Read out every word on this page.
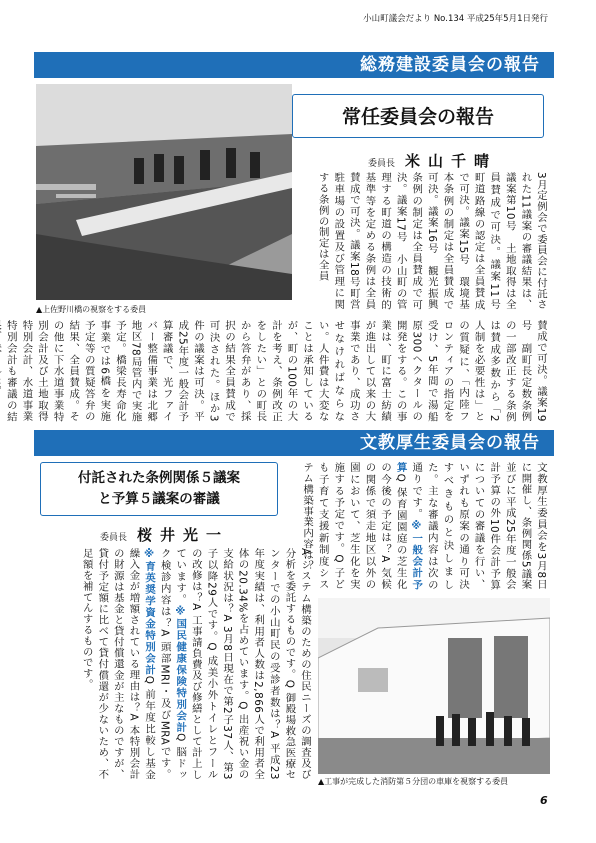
小山町議会だより No.134 平成25年5月1日発行
総務建設委員会の報告
▲ 上佐野川橋の視察をする委員
常任委員会の報告
委員長 米山千晴
3月定例会で委員会に付託された11議案の審議結果は、議案第10号　土地取得は全員賛成で可決。議案11号　町道路線の認定は全員賛成で可決。議案15号　環境基本条例の制定は全員賛成で可決。議案16号　観光振興条例の制定は全員賛成で可決。議案17号　小山町の管理する町道の構造の技術的基準等を定める条例は全員賛成で可決。議案18号町営駐車場の設置及び管理に関する条例の制定は全員
賛成で可決。議案19号　副町長定数条例の一部改正する条例は賛成多数から「2人制を必要性は」との質疑に、「内陸フロンティアの指定を受け、5年間で湯船原300ヘクタールの開発をする。この事業は、町に富士紡績が進出して以来の大事業であり、成功させなければならない。人件費は大変なことは承知しているが、町の100年の大計を考え、条例改正をしたい」との町長から答弁があり、採択の結果全員賛成で可決された。ほか3件の議案は可決。平成25年度一般会計予算審議で、光ファイバー整備事業は北郷地区78局管内で実施予定。橋梁長寿命化事業では6橋を実施予定等の質疑答弁の結果、全員賛成。その他に下水道事業特別会計及び土地取得特別会計、水道事業特別会計も審議の結
文教厚生委員会の報告
付託された条例関係５議案
と予算５議案の審議
委員長 桜井光一	文教厚生委員会を3月8日に開催し、条例関係5議案並びに平成25年度一般会計予算の外10件会計予算についての審議を行い、いずれも原案の通り可決すべきものと決しました。主な審議内容は次の通りです。※一般会計予算Q 保育園園庭の芝生化の今後の予定は？A 気候の関係で須走地区以外の園において、芝生化を実施する予定です。Q 子ども子育て支援新制度システム構築事業内容は？
▲ 工事が完成した消防第５分団の車庫を視察する委員
A システム構築のための住民ニーズの調査及び分析を委託するものです。Q 御殿場救急医療センターでの小山町民の受診者数は？A 平成23年度実績は、利用者人数は2,866人で利用者全体の20.34%を占めています。Q 出産祝い金の支給状況は？A 3月8日現在で第2子37人、第3子以降29人です。Q 成美小外トイレとフールの改修は？A 工事請負費及び修繕として計上しています。※国民健康保険特別会計Q 脳ドック検診内容は？A 頭部MRI・及びMRAです。※育英奨学資金特別会計Q 前年度比較し基金繰入金が増額されている理由は？A 本特別会計の財源は基金と貸付償還金が主なものですが、貸付予定額に比べて貸付償還が少ないため、不足額を補てんするものです。
6
